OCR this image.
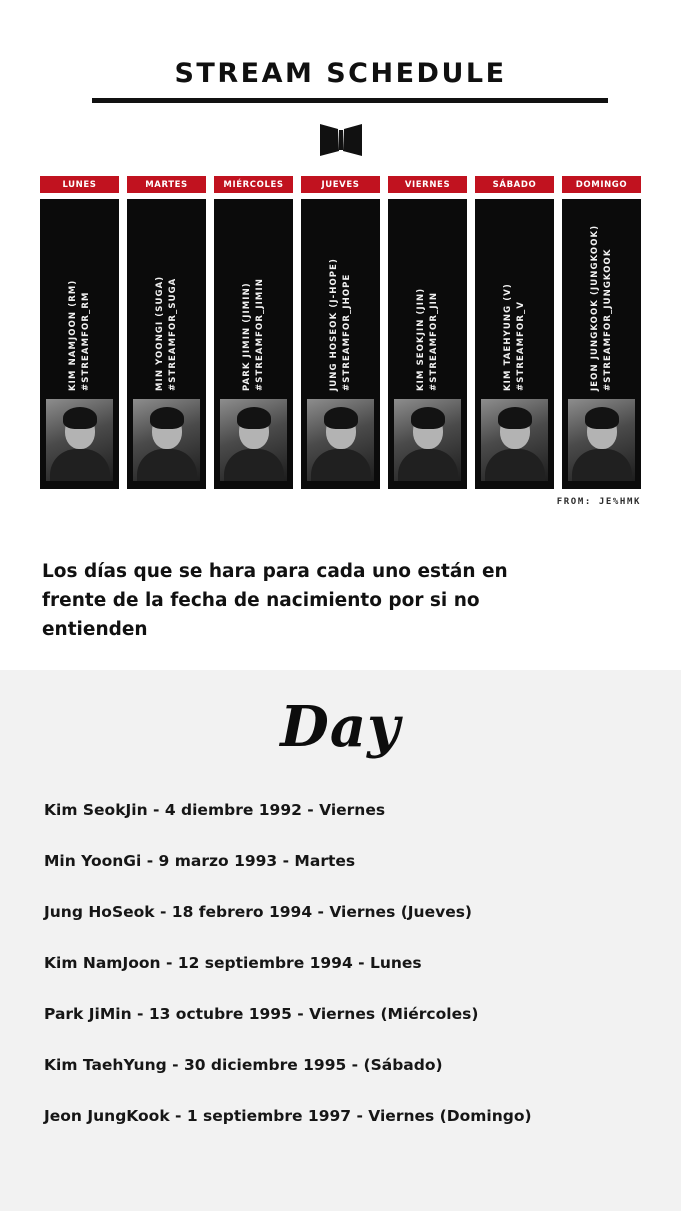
STREAM SCHEDULE
LUNES
KIM NAMJOON (RM) #STREAMFOR_RM
MARTES
MIN YOONGI (SUGA) #STREAMFOR_SUGA
MIÉRCOLES
PARK JIMIN (JIMIN) #STREAMFOR_JIMIN
JUEVES
JUNG HOSEOK (J-HOPE) #STREAMFOR_JHOPE
VIERNES
KIM SEOKJIN (JIN) #STREAMFOR_JIN
SÁBADO
KIM TAEHYUNG (V) #STREAMFOR_V
DOMINGO
JEON JUNGKOOK (JUNGKOOK) #STREAMFOR_JUNGKOOK
FROM: JE%HMK
Los días que se hara para cada uno están en frente de la fecha de nacimiento por si no entienden
Day
Kim SeokJin - 4 diembre 1992 - Viernes
Min YoonGi - 9 marzo 1993 - Martes
Jung HoSeok - 18 febrero 1994 - Viernes (Jueves)
Kim NamJoon - 12 septiembre 1994 - Lunes
Park JiMin - 13 octubre 1995 - Viernes (Miércoles)
Kim TaehYung - 30 diciembre 1995 - (Sábado)
Jeon JungKook - 1 septiembre 1997 - Viernes (Domingo)
